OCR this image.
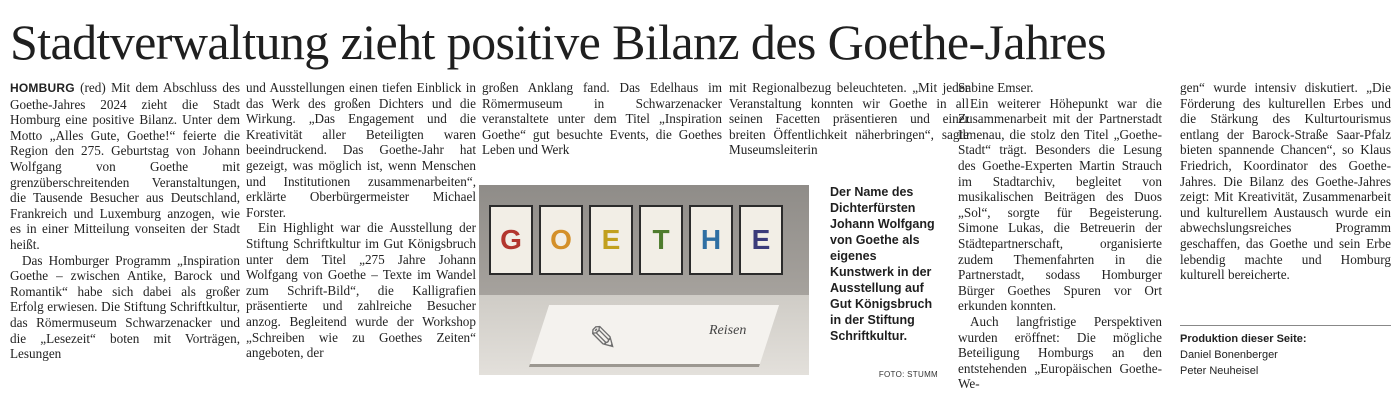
Stadtverwaltung zieht positive Bilanz des Goethe-Jahres

HOMBURG (red) Mit dem Abschluss des Goethe-Jahres 2024 zieht die Stadt Homburg eine positive Bilanz. Unter dem Motto „Alles Gute, Goethe!“ feierte die Region den 275. Geburtstag von Johann Wolfgang von Goethe mit grenzüberschreitenden Veranstaltungen, die Tausende Besucher aus Deutschland, Frankreich und Luxemburg anzogen, wie es in einer Mitteilung vonseiten der Stadt heißt.

Das Homburger Programm „Inspiration Goethe – zwischen Antike, Barock und Romantik“ habe sich dabei als großer Erfolg erwiesen. Die Stiftung Schriftkultur, das Römermuseum Schwarzenacker und die „Lesezeit“ boten mit Vorträgen, Lesungen

und Ausstellungen einen tiefen Einblick in das Werk des großen Dichters und die Wirkung. „Das Engagement und die Kreativität aller Beteiligten waren beeindruckend. Das Goethe-Jahr hat gezeigt, was möglich ist, wenn Menschen und Institutionen zusammenarbeiten“, erklärte Oberbürgermeister Michael Forster.

Ein Highlight war die Ausstellung der Stiftung Schriftkultur im Gut Königsbruch unter dem Titel „275 Jahre Johann Wolfgang von Goethe – Texte im Wandel zum Schrift-Bild“, die Kalligrafien präsentierte und zahlreiche Besucher anzog. Begleitend wurde der Workshop „Schreiben wie zu Goethes Zeiten“ angeboten, der

großen Anklang fand. Das Edelhaus im Römermuseum in Schwarzenacker veranstaltete unter dem Titel „Inspiration Goethe“ gut besuchte Events, die Goethes Leben und Werk

mit Regionalbezug beleuchteten. „Mit jeder Veranstaltung konnten wir Goethe in all seinen Facetten präsentieren und einer breiten Öffentlichkeit näherbringen“, sagte Museumsleiterin

G	O	E	T	H	E
✎	Reisen
Der Name des Dichterfürsten Johann Wolfgang von Goethe als eigenes Kunstwerk in der Ausstellung auf Gut Königsbruch in der Stiftung Schriftkultur.
FOTO: STUMM

Sabine Emser.

Ein weiterer Höhepunkt war die Zusammenarbeit mit der Partnerstadt Ilmenau, die stolz den Titel „Goethe-Stadt“ trägt. Besonders die Lesung des Goethe-Experten Martin Strauch im Stadtarchiv, begleitet von musikalischen Beiträgen des Duos „Sol“, sorgte für Begeisterung. Simone Lukas, die Betreuerin der Städtepartnerschaft, organisierte zudem Themenfahrten in die Partnerstadt, sodass Homburger Bürger Goethes Spuren vor Ort erkunden konnten.

Auch langfristige Perspektiven wurden eröffnet: Die mögliche Beteiligung Homburgs an den entstehenden „Europäischen Goethe-We-

gen“ wurde intensiv diskutiert. „Die Förderung des kulturellen Erbes und die Stärkung des Kulturtourismus entlang der Barock-Straße Saar-Pfalz bieten spannende Chancen“, so Klaus Friedrich, Koordinator des Goethe-Jahres. Die Bilanz des Goethe-Jahres zeigt: Mit Kreativität, Zusammenarbeit und kulturellem Austausch wurde ein abwechslungsreiches Programm geschaffen, das Goethe und sein Erbe lebendig machte und Homburg kulturell bereicherte.

Produktion dieser Seite:
Daniel Bonenberger
Peter Neuheisel
